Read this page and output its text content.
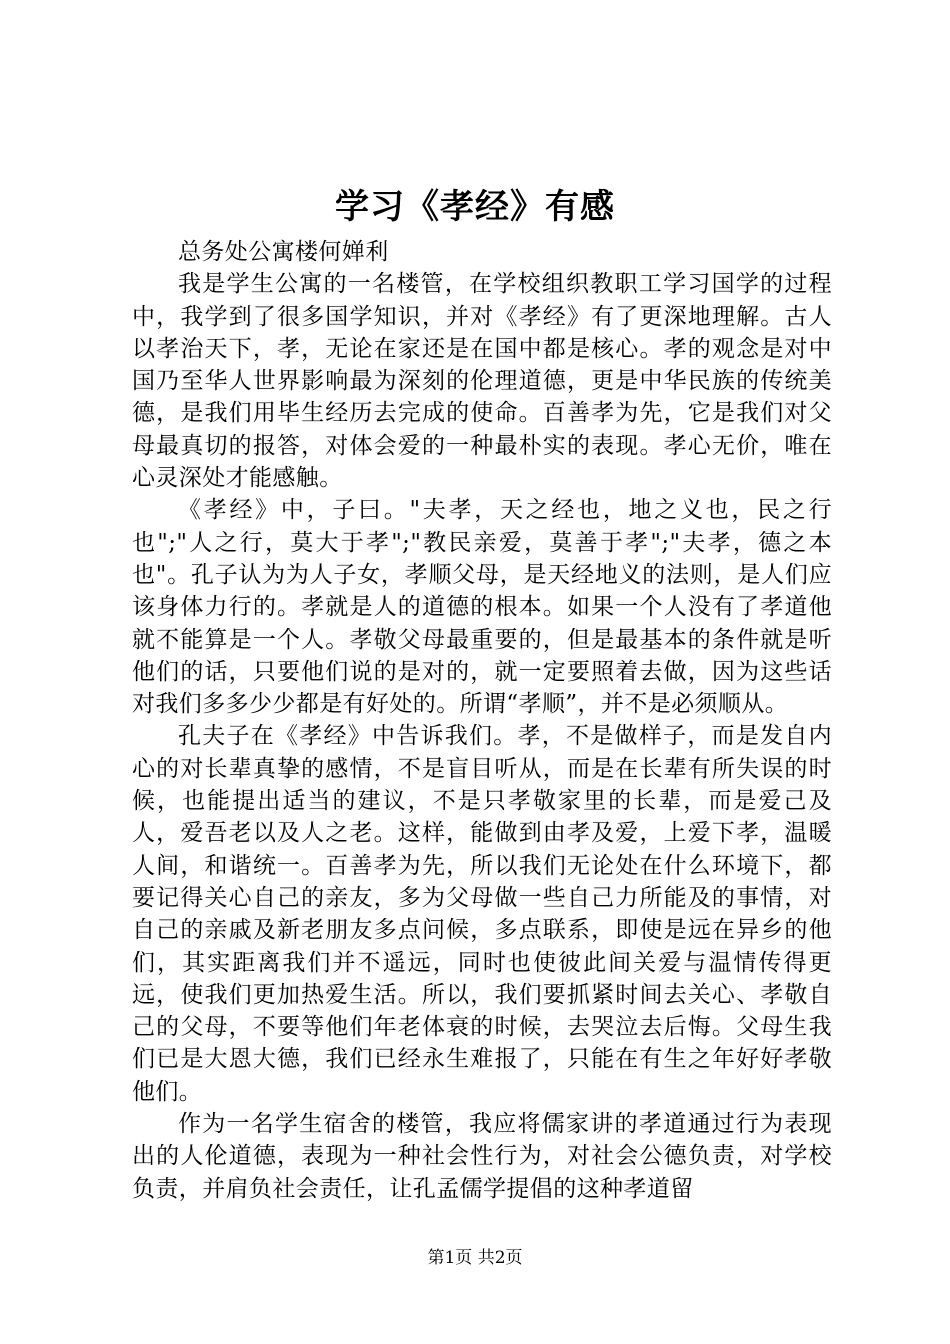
学习《孝经》有感

总务处公寓楼何婵利

我是学生公寓的一名楼管，在学校组织教职工学习国学的过程中，我学到了很多国学知识，并对《孝经》有了更深地理解。古人以孝治天下，孝，无论在家还是在国中都是核心。孝的观念是对中国乃至华人世界影响最为深刻的伦理道德，更是中华民族的传统美德，是我们用毕生经历去完成的使命。百善孝为先，它是我们对父母最真切的报答，对体会爱的一种最朴实的表现。孝心无价，唯在心灵深处才能感触。

《孝经》中，子曰。"夫孝，天之经也，地之义也，民之行也";"人之行，莫大于孝";"教民亲爱，莫善于孝";"夫孝，德之本也"。孔子认为为人子女，孝顺父母，是天经地义的法则，是人们应该身体力行的。孝就是人的道德的根本。如果一个人没有了孝道他就不能算是一个人。孝敬父母最重要的，但是最基本的条件就是听他们的话，只要他们说的是对的，就一定要照着去做，因为这些话对我们多多少少都是有好处的。所谓“孝顺”，并不是必须顺从。

孔夫子在《孝经》中告诉我们。孝，不是做样子，而是发自内心的对长辈真挚的感情，不是盲目听从，而是在长辈有所失误的时候，也能提出适当的建议，不是只孝敬家里的长辈，而是爱己及人，爱吾老以及人之老。这样，能做到由孝及爱，上爱下孝，温暖人间，和谐统一。百善孝为先，所以我们无论处在什么环境下，都要记得关心自己的亲友，多为父母做一些自己力所能及的事情，对自己的亲戚及新老朋友多点问候，多点联系，即使是远在异乡的他们，其实距离我们并不遥远，同时也使彼此间关爱与温情传得更远，使我们更加热爱生活。所以，我们要抓紧时间去关心、孝敬自己的父母，不要等他们年老体衰的时候，去哭泣去后悔。父母生我们已是大恩大德，我们已经永生难报了，只能在有生之年好好孝敬他们。

作为一名学生宿舍的楼管，我应将儒家讲的孝道通过行为表现出的人伦道德，表现为一种社会性行为，对社会公德负责，对学校负责，并肩负社会责任，让孔孟儒学提倡的这种孝道留

第1页 共2页
